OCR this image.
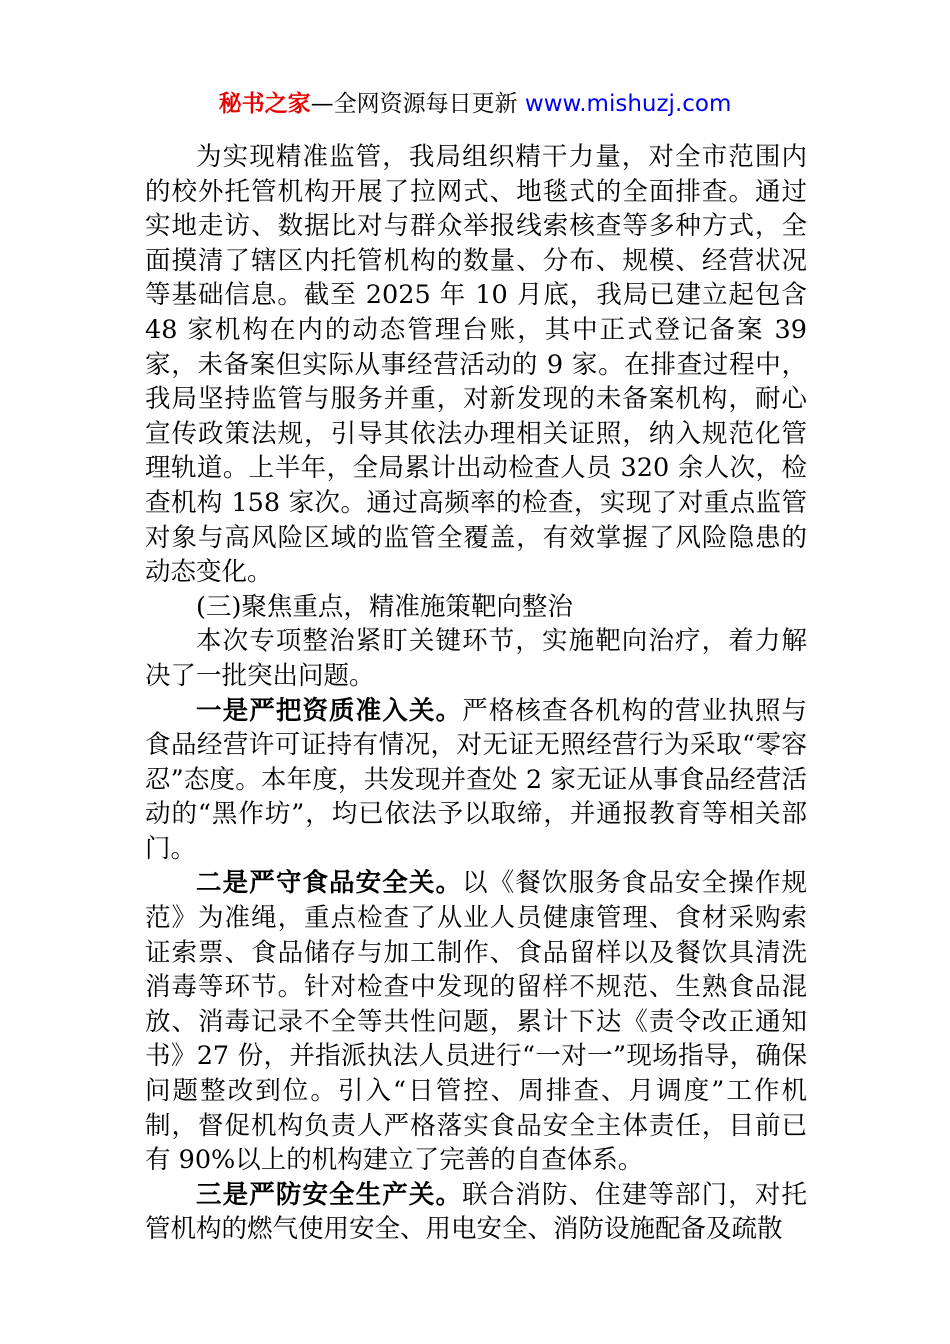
秘书之家—全网资源每日更新 www.mishuzj.com

为实现精准监管，我局组织精干力量，对全市范围内的校外托管机构开展了拉网式、地毯式的全面排查。通过实地走访、数据比对与群众举报线索核查等多种方式，全面摸清了辖区内托管机构的数量、分布、规模、经营状况等基础信息。截至 2025 年 10 月底，我局已建立起包含 48 家机构在内的动态管理台账，其中正式登记备案 39 家，未备案但实际从事经营活动的 9 家。在排查过程中，我局坚持监管与服务并重，对新发现的未备案机构，耐心宣传政策法规，引导其依法办理相关证照，纳入规范化管理轨道。上半年，全局累计出动检查人员 320 余人次，检查机构 158 家次。通过高频率的检查，实现了对重点监管对象与高风险区域的监管全覆盖，有效掌握了风险隐患的动态变化。

(三)聚焦重点，精准施策靶向整治

本次专项整治紧盯关键环节，实施靶向治疗，着力解决了一批突出问题。

一是严把资质准入关。严格核查各机构的营业执照与食品经营许可证持有情况，对无证无照经营行为采取“零容忍”态度。本年度，共发现并查处 2 家无证从事食品经营活动的“黑作坊”，均已依法予以取缔，并通报教育等相关部门。

二是严守食品安全关。以《餐饮服务食品安全操作规范》为准绳，重点检查了从业人员健康管理、食材采购索证索票、食品储存与加工制作、食品留样以及餐饮具清洗消毒等环节。针对检查中发现的留样不规范、生熟食品混放、消毒记录不全等共性问题，累计下达《责令改正通知书》27 份，并指派执法人员进行“一对一”现场指导，确保问题整改到位。引入“日管控、周排查、月调度”工作机制，督促机构负责人严格落实食品安全主体责任，目前已有 90%以上的机构建立了完善的自查体系。

三是严防安全生产关。联合消防、住建等部门，对托管机构的燃气使用安全、用电安全、消防设施配备及疏散
